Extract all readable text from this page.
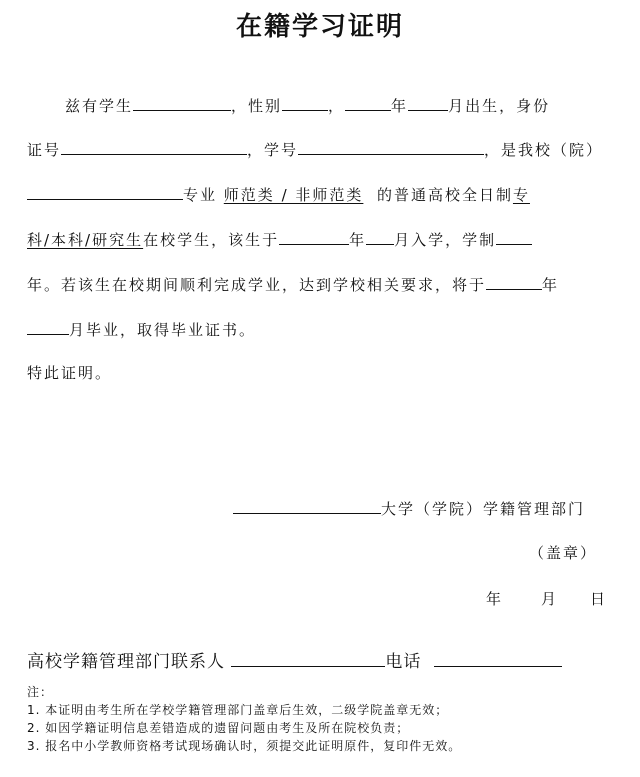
在籍学习证明
兹有学生	，性别	，	年	月出生，身份
证号	，学号	，是我校（院）
专业 师范类 / 非师范类 的普通高校全日制专
科/本科/研究生在校学生，该生于	年 月入学，学制
年。若该生在校期间顺利完成学业，达到学校相关要求，将于	年
月毕业，取得毕业证书。
特此证明。
大学（学院）学籍管理部门
（盖章）
年	月 日
高校学籍管理部门联系人	电话
注：
1. 本证明由考生所在学校学籍管理部门盖章后生效，二级学院盖章无效；
2. 如因学籍证明信息差错造成的遗留问题由考生及所在院校负责；
3. 报名中小学教师资格考试现场确认时，须提交此证明原件，复印件无效。
